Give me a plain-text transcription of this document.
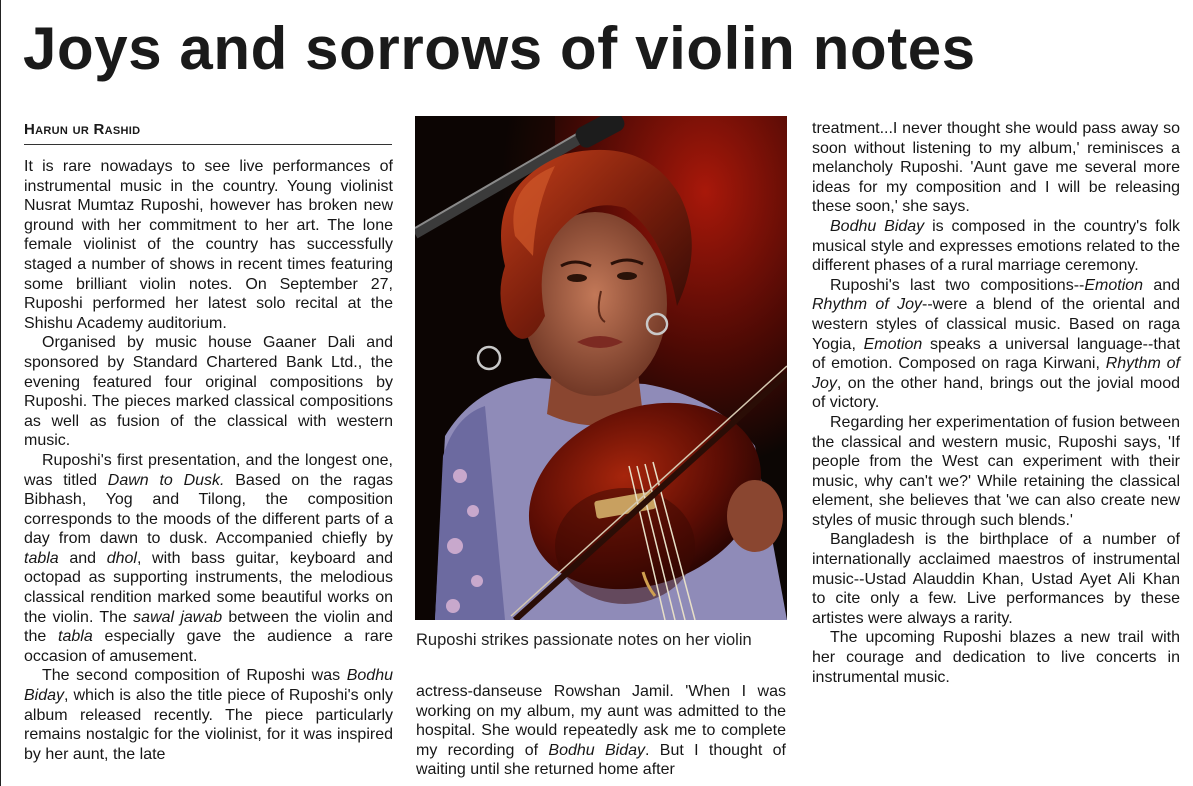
Joys and sorrows of violin notes
Harun ur Rashid

It is rare nowadays to see live performances of instrumental music in the country. Young violinist Nusrat Mumtaz Ruposhi, however has broken new ground with her commitment to her art. The lone female violinist of the country has successfully staged a number of shows in recent times featuring some brilliant violin notes. On September 27, Ruposhi performed her latest solo recital at the Shishu Academy auditorium.

Organised by music house Gaaner Dali and sponsored by Standard Chartered Bank Ltd., the evening featured four original compositions by Ruposhi. The pieces marked classical compositions as well as fusion of the classical with western music.

Ruposhi's first presentation, and the longest one, was titled Dawn to Dusk. Based on the ragas Bibhash, Yog and Tilong, the composition corresponds to the moods of the different parts of a day from dawn to dusk. Accompanied chiefly by tabla and dhol, with bass guitar, keyboard and octopad as supporting instruments, the melodious classical rendition marked some beautiful works on the violin. The sawal jawab between the violin and the tabla especially gave the audience a rare occasion of amusement.

The second composition of Ruposhi was Bodhu Biday, which is also the title piece of Ruposhi's only album released recently. The piece particularly remains nostalgic for the violinist, for it was inspired by her aunt, the late

Ruposhi strikes passionate notes on her violin

actress-danseuse Rowshan Jamil. 'When I was working on my album, my aunt was admitted to the hospital. She would repeatedly ask me to complete my recording of Bodhu Biday. But I thought of waiting until she returned home after

treatment...I never thought she would pass away so soon without listening to my album,' reminisces a melancholy Ruposhi. 'Aunt gave me several more ideas for my composition and I will be releasing these soon,' she says.

Bodhu Biday is composed in the country's folk musical style and expresses emotions related to the different phases of a rural marriage ceremony.

Ruposhi's last two compositions--Emotion and Rhythm of Joy--were a blend of the oriental and western styles of classical music. Based on raga Yogia, Emotion speaks a universal language--that of emotion. Composed on raga Kirwani, Rhythm of Joy, on the other hand, brings out the jovial mood of victory.

Regarding her experimentation of fusion between the classical and western music, Ruposhi says, 'If people from the West can experiment with their music, why can't we?' While retaining the classical element, she believes that 'we can also create new styles of music through such blends.'

Bangladesh is the birthplace of a number of internationally acclaimed maestros of instrumental music--Ustad Alauddin Khan, Ustad Ayet Ali Khan to cite only a few. Live performances by these artistes were always a rarity.

The upcoming Ruposhi blazes a new trail with her courage and dedication to live concerts in instrumental music.
